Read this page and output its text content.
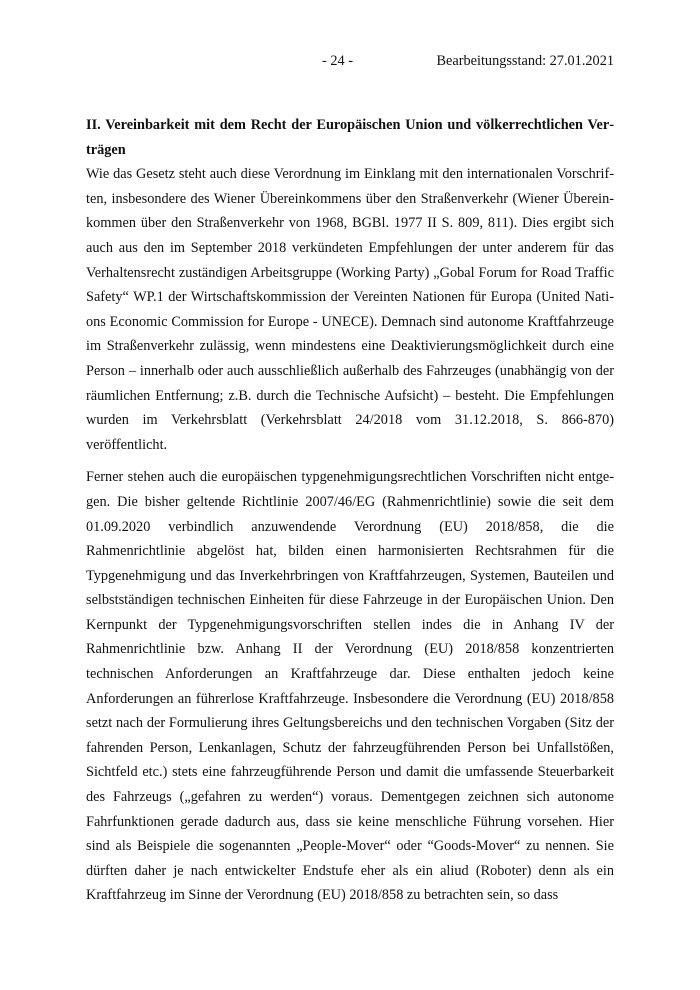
- 24 -	Bearbeitungsstand: 27.01.2021

II. Vereinbarkeit mit dem Recht der Europäischen Union und völkerrechtlichen Verträgen

Wie das Gesetz steht auch diese Verordnung im Einklang mit den internationalen Vorschriften, insbesondere des Wiener Übereinkommens über den Straßenverkehr (Wiener Übereinkommen über den Straßenverkehr von 1968, BGBl. 1977 II S. 809, 811). Dies ergibt sich auch aus den im September 2018 verkündeten Empfehlungen der unter anderem für das Verhaltensrecht zuständigen Arbeitsgruppe (Working Party) „Gobal Forum for Road Traffic Safety“ WP.1 der Wirtschaftskommission der Vereinten Nationen für Europa (United Nations Economic Commission for Europe - UNECE). Demnach sind autonome Kraftfahrzeuge im Straßenverkehr zulässig, wenn mindestens eine Deaktivierungsmöglichkeit durch eine Person – innerhalb oder auch ausschließlich außerhalb des Fahrzeuges (unabhängig von der räumlichen Entfernung; z.B. durch die Technische Aufsicht) – besteht. Die Empfehlungen wurden im Verkehrsblatt (Verkehrsblatt 24/2018 vom 31.12.2018, S. 866-870) veröffentlicht.

Ferner stehen auch die europäischen typgenehmigungsrechtlichen Vorschriften nicht entgegen. Die bisher geltende Richtlinie 2007/46/EG (Rahmenrichtlinie) sowie die seit dem 01.09.2020 verbindlich anzuwendende Verordnung (EU) 2018/858, die die Rahmenrichtlinie abgelöst hat, bilden einen harmonisierten Rechtsrahmen für die Typgenehmigung und das Inverkehrbringen von Kraftfahrzeugen, Systemen, Bauteilen und selbstständigen technischen Einheiten für diese Fahrzeuge in der Europäischen Union. Den Kernpunkt der Typgenehmigungsvorschriften stellen indes die in Anhang IV der Rahmenrichtlinie bzw. Anhang II der Verordnung (EU) 2018/858 konzentrierten technischen Anforderungen an Kraftfahrzeuge dar. Diese enthalten jedoch keine Anforderungen an führerlose Kraftfahrzeuge. Insbesondere die Verordnung (EU) 2018/858 setzt nach der Formulierung ihres Geltungsbereichs und den technischen Vorgaben (Sitz der fahrenden Person, Lenkanlagen, Schutz der fahrzeugführenden Person bei Unfallstößen, Sichtfeld etc.) stets eine fahrzeugführende Person und damit die umfassende Steuerbarkeit des Fahrzeugs („gefahren zu werden“) voraus. Dementgegen zeichnen sich autonome Fahrfunktionen gerade dadurch aus, dass sie keine menschliche Führung vorsehen. Hier sind als Beispiele die sogenannten „People-Mover“ oder “Goods-Mover“ zu nennen. Sie dürften daher je nach entwickelter Endstufe eher als ein aliud (Roboter) denn als ein Kraftfahrzeug im Sinne der Verordnung (EU) 2018/858 zu betrachten sein, so dass
